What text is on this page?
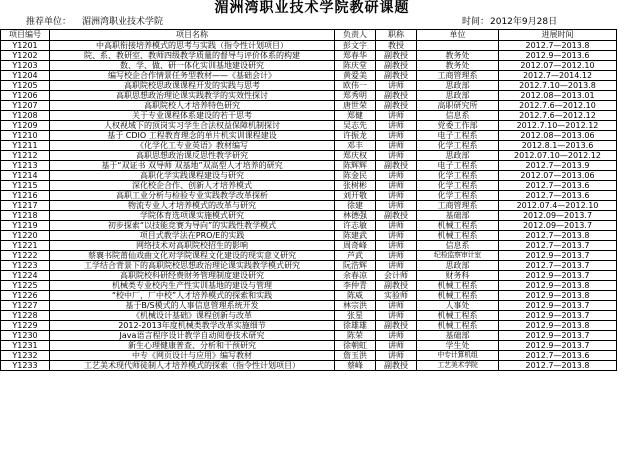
湄洲湾职业技术学院教研课题
推荐单位： 湄洲湾职业技术学院	时间： 2012年9月28日
项目编号	项目名称	负责人	职称	单位	进展时间
Y1201	中高职衔接培养模式的思考与实践（指令性计划项目）	彭文宇	教授		2012.7—2013.8
Y1202	院、系、教研室、教师四级教学质量的督导与评价体系的构建	郑春华	副教授	教务处	2012.9—2013.6
Y1203	数、学、做、研一体化实训基地建设研究	陈庆堂	副教授	教务处	2012.07—2012.10
Y1204	编写校企合作情景任务型教材——《基础会计》	黄爱美	副教授	工商管理系	2012.7—2014.12
Y1205	高职院校思政课课程开发的实践与思考	欧伟一	讲师	思政部	2012.7.10—2013.8
Y1206	高职思想政治理论课实践教学的实效性探讨	郑秀明	副教授	思政部	2012.08—2013.01
Y1207	高职院校人才培养特色研究	唐世荣	副教授	高职研究所	2012.7.6—2012.10
Y1208	关于专业课程体系建设的若干思考	郑健	讲师	信息系	2012.7.6—2012.12
Y1209	人权视域下的顶岗实习学生合法权益保障机制探讨	吴志先	讲师	党委工作部	2012.7.10—2012.12
Y1210	基于 CDIO 工程教育理念的单片机实训课程建设	许振龙	讲师	电子工程系	2012.08—2013.06
Y1211	《化学化工专业英语》教材编写	邓丰	讲师	化学工程系	2012.8.1—2013.6
Y1212	高职思想政治课反思性教学研究	郑庆权	讲师	思政部	2012.07.10—2012.12
Y1213	基于“双证书 双导师 双基地”双高型人才培养的研究	陈辉辉	副教授	电子工程系	2012.7—2013.9
Y1214	高职化学实践课程建设与研究	陈金民	讲师	化学工程系	2012.07—2013.06
Y1215	深化校企合作、创新人才培养模式	张树彬	讲师	化学工程系	2012.7—2013.6
Y1216	高职工业分析与检验专业实践教学改革探析	刘开敬	讲师	化学工程系	2012.7—2013.6
Y1217	物流专业人才培养模式的改革与研究	徐建	讲师	工商管理系	2012.07.4—2012.10
Y1218	学院体育选项课实施模式研究	林德强	副教授	基础部	2012.09—2013.7
Y1219	初步探索“以技能竞赛为导向”的实践性教学模式	许志敏	讲师	机械工程系	2012.09—2013.7
Y1220	项目式教学法在PRO/E的实践	陈建武	讲师	机械工程系	2012.7—2013.8
Y1221	网络技术对高职院校招生的影响	周奇峰	讲师	信息系	2012.7—2013.7
Y1222	蔡襄书院莆仙戏曲文化对学院课程文化建设的现实意义研究	芦武	讲师	纪检监察审计室	2012.9—2013.7
Y1223	工学结合背景下的高职院校思想政治理论课实践教学模式研究	阮浩辉	讲师	思政部	2012.7—2013.7
Y1224	高职院校科研经费财务管理制度建设研究	余春凉	会计师	财务科	2012.9—2013.7
Y1225	机械类专业校内生产性实训基地的建设与管理	李仲青	副教授	机械工程系	2012.9—2013.8
Y1226	“校中厂，厂中校”人才培养模式的探索和实践	陈威	实验师	机械工程系	2012.9—2013.8
Y1227	基于B/S模式的人事信息管理系统开发	林宗洪	讲师	人事处	2012.9—2013.7
Y1228	《机械设计基础》课程创新与改革	张星	讲师	机械工程系	2012.9—2013.7
Y1229	2012-2013年度机械类教学改革实施细节	徐雄雄	副教授	机械工程系	2012.9—2013.8
Y1230	Java语言程序设计教学自动阅卷技术研究	陈荣	讲师	基础部	2012.9—2013.7
Y1231	新生心理健康普查、分析和干预研究	徐朝虹	讲师	学生处	2012.9—2013.7
Y1232	中专《网页设计与应用》编写教材	詹玉洪	讲师	中专计算机组	2012.7—2013.6
Y1233	工艺美术现代师徒制人才培养模式的探索（指令性计划项目）	蔡峰	副教授	工艺美术学院	2012.7—2013.8
